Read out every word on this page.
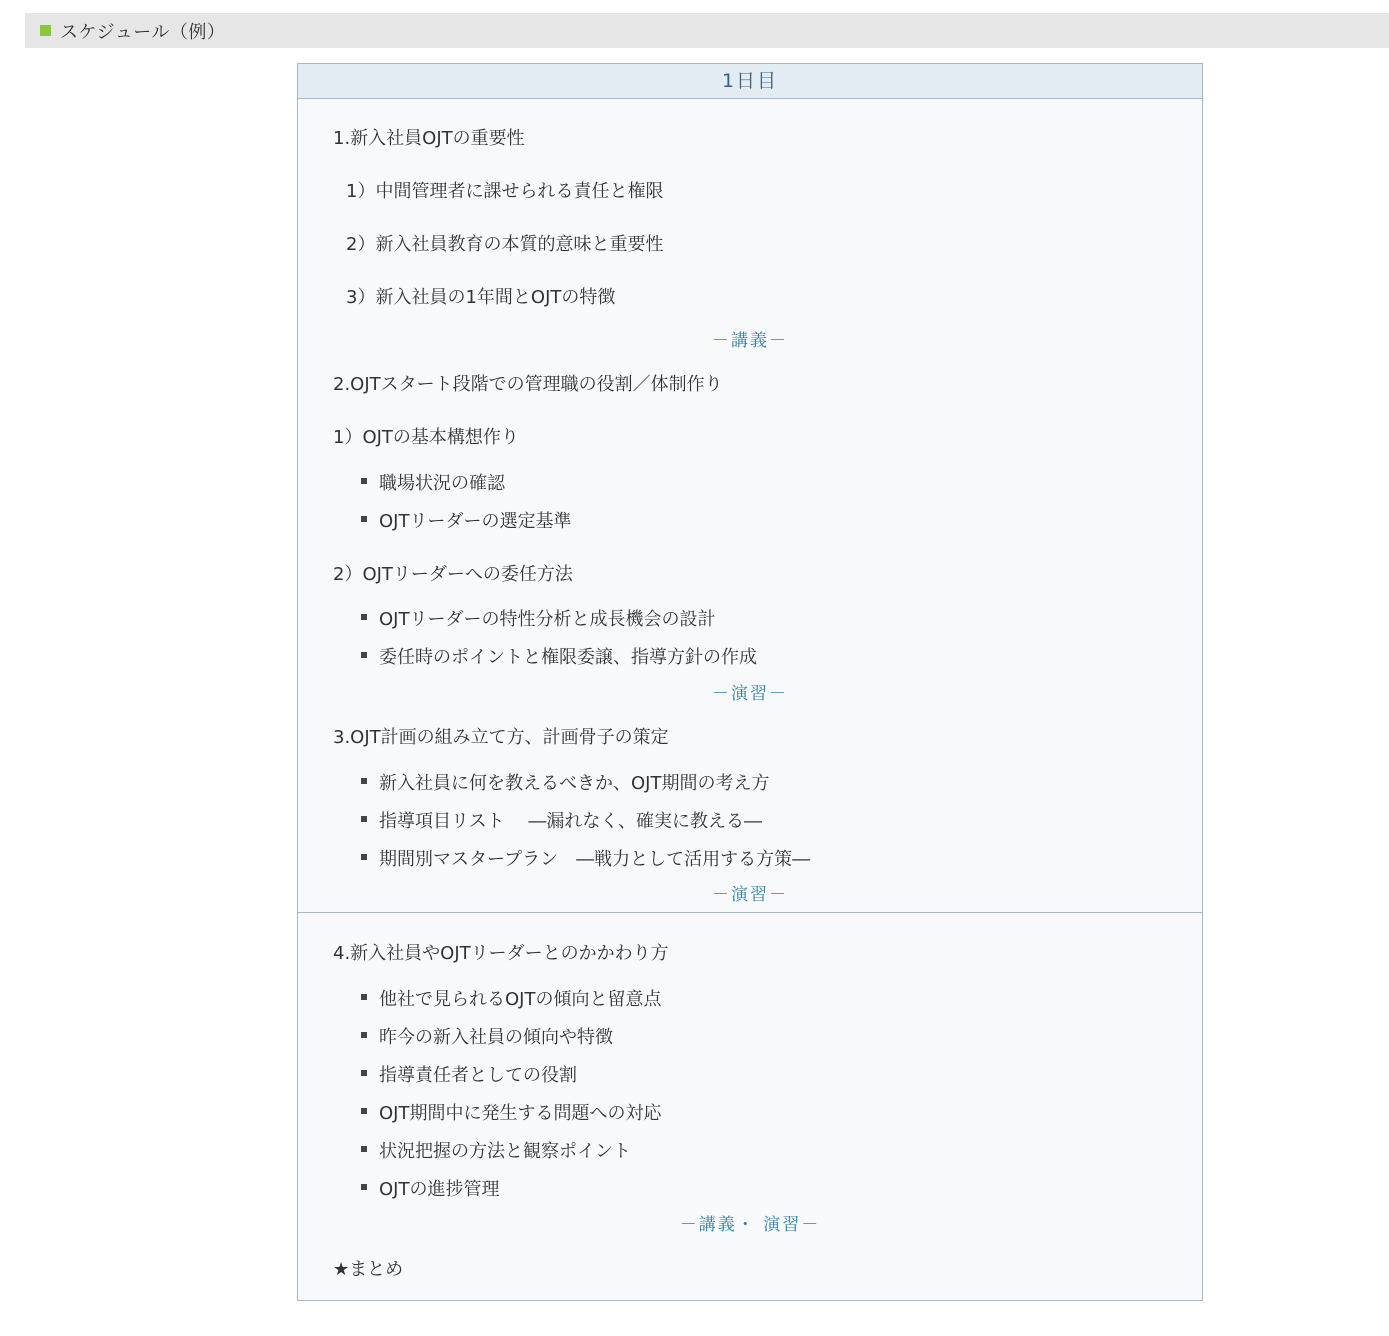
スケジュール（例）
1日目
1.新入社員OJTの重要性
1）中間管理者に課せられる責任と権限
2）新入社員教育の本質的意味と重要性
3）新入社員の1年間とOJTの特徴
－講義－
2.OJTスタート段階での管理職の役割／体制作り
1）OJTの基本構想作り
職場状況の確認
OJTリーダーの選定基準
2）OJTリーダーへの委任方法
OJTリーダーの特性分析と成長機会の設計
委任時のポイントと権限委譲、指導方針の作成
－演習－
3.OJT計画の組み立て方、計画骨子の策定
新入社員に何を教えるべきか、OJT期間の考え方
指導項目リスト　 ―漏れなく、確実に教える―
期間別マスタープラン　―戦力として活用する方策―
－演習－
4.新入社員やOJTリーダーとのかかわり方
他社で見られるOJTの傾向と留意点
昨今の新入社員の傾向や特徴
指導責任者としての役割
OJT期間中に発生する問題への対応
状況把握の方法と観察ポイント
OJTの進捗管理
－講義・ 演習－
★まとめ
